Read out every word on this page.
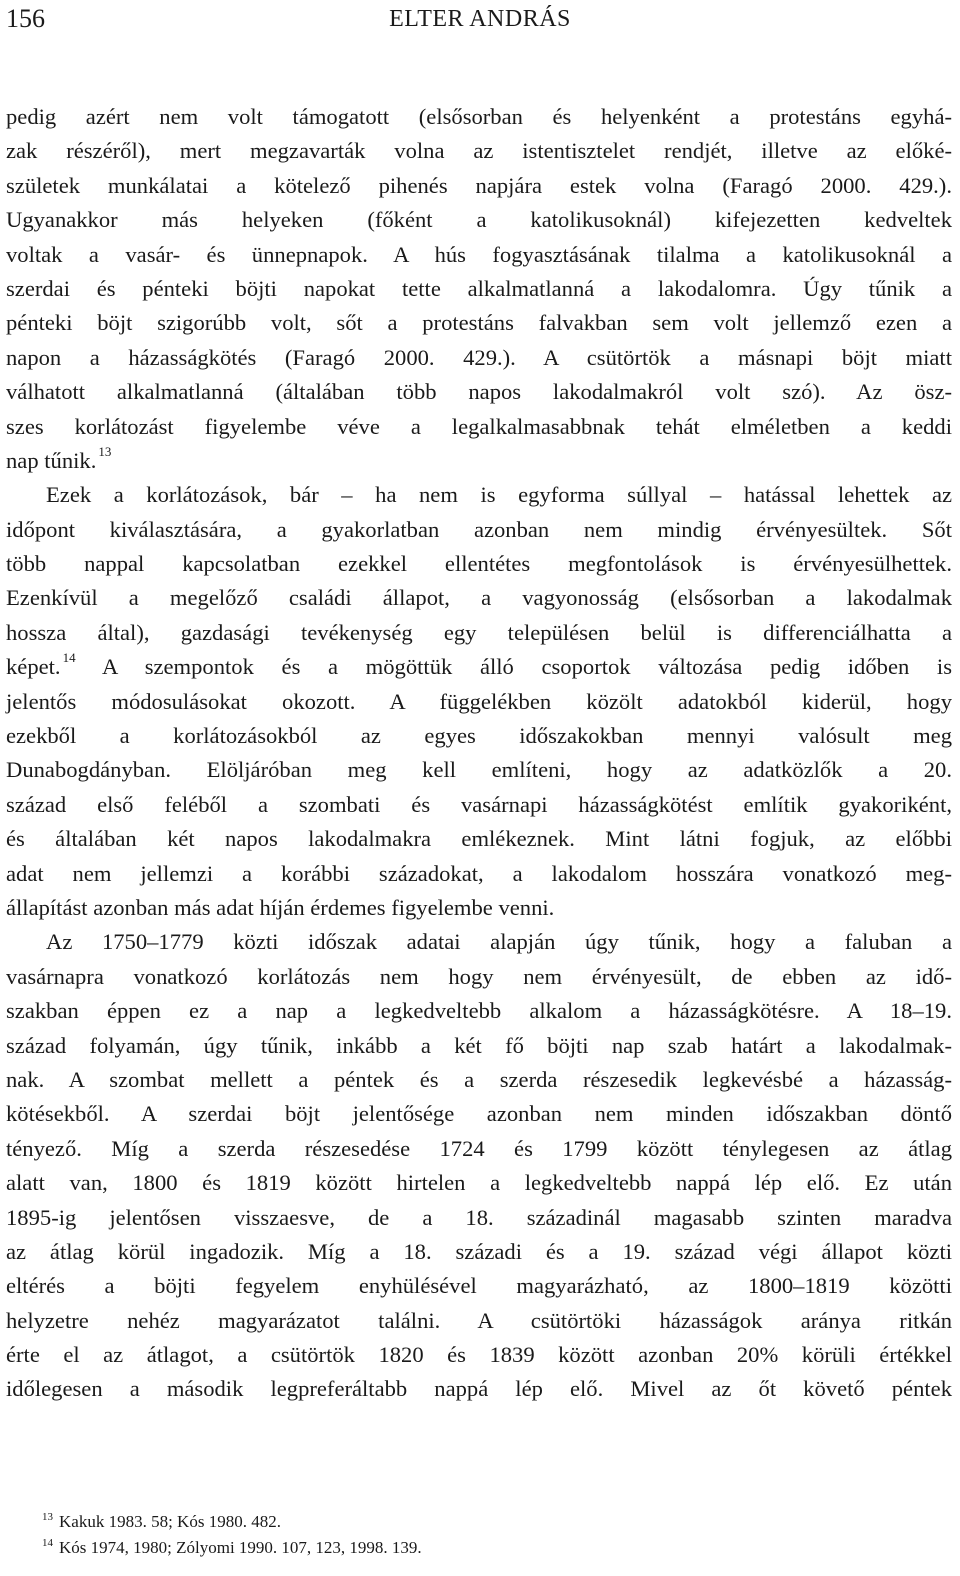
156	ELTER ANDRÁS
pedig azért nem volt támogatott (elsősorban és helyenként a protestáns egyhá-
zak részéről), mert megzavarták volna az istentisztelet rendjét, illetve az előké-
születek munkálatai a kötelező pihenés napjára estek volna (Faragó 2000. 429.).
Ugyanakkor más helyeken (főként a katolikusoknál) kifejezetten kedveltek
voltak a vasár- és ünnepnapok. A hús fogyasztásának tilalma a katolikusoknál a
szerdai és pénteki böjti napokat tette alkalmatlanná a lakodalomra. Úgy tűnik a
pénteki böjt szigorúbb volt, sőt a protestáns falvakban sem volt jellemző ezen a
napon a házasságkötés (Faragó 2000. 429.). A csütörtök a másnapi böjt miatt
válhatott alkalmatlanná (általában több napos lakodalmakról volt szó). Az ösz-
szes korlátozást figyelembe véve a legalkalmasabbnak tehát elméletben a keddi
nap tűnik. $^{13}$
Ezek a korlátozások, bár – ha nem is egyforma súllyal – hatással lehettek az
időpont kiválasztására, a gyakorlatban azonban nem mindig érvényesültek. Sőt
több nappal kapcsolatban ezekkel ellentétes megfontolások is érvényesülhettek.
Ezenkívül a megelőző családi állapot, a vagyonosság (elsősorban a lakodalmak
hossza által), gazdasági tevékenység egy településen belül is differenciálhatta a
képet. $^{14}$ A szempontok és a mögöttük álló csoportok változása pedig időben is
jelentős módosulásokat okozott. A függelékben közölt adatokból kiderül, hogy
ezekből a korlátozásokból az egyes időszakokban mennyi valósult meg
Dunabogdányban. Elöljáróban meg kell említeni, hogy az adatközlők a 20.
század első feléből a szombati és vasárnapi házasságkötést említik gyakoriként,
és általában két napos lakodalmakra emlékeznek. Mint látni fogjuk, az előbbi
adat nem jellemzi a korábbi századokat, a lakodalom hosszára vonatkozó meg-
állapítást azonban más adat híján érdemes figyelembe venni.
Az 1750–1779 közti időszak adatai alapján úgy tűnik, hogy a faluban a
vasárnapra vonatkozó korlátozás nem hogy nem érvényesült, de ebben az idő-
szakban éppen ez a nap a legkedveltebb alkalom a házasságkötésre. A 18–19.
század folyamán, úgy tűnik, inkább a két fő böjti nap szab határt a lakodalmak-
nak. A szombat mellett a péntek és a szerda részesedik legkevésbé a házasság-
kötésekből. A szerdai böjt jelentősége azonban nem minden időszakban döntő
tényező. Míg a szerda részesedése 1724 és 1799 között ténylegesen az átlag
alatt van, 1800 és 1819 között hirtelen a legkedveltebb nappá lép elő. Ez után
1895-ig jelentősen visszaesve, de a 18. századinál magasabb szinten maradva
az átlag körül ingadozik. Míg a 18. századi és a 19. század végi állapot közti
eltérés a böjti fegyelem enyhülésével magyarázható, az 1800–1819 közötti
helyzetre nehéz magyarázatot találni. A csütörtöki házasságok aránya ritkán
érte el az átlagot, a csütörtök 1820 és 1839 között azonban 20% körüli értékkel
időlegesen a második legpreferáltabb nappá lép elő. Mivel az őt követő péntek
$^{13}$ Kakuk 1983. 58; Kós 1980. 482.
$^{14}$ Kós 1974, 1980; Zólyomi 1990. 107, 123, 1998. 139.
